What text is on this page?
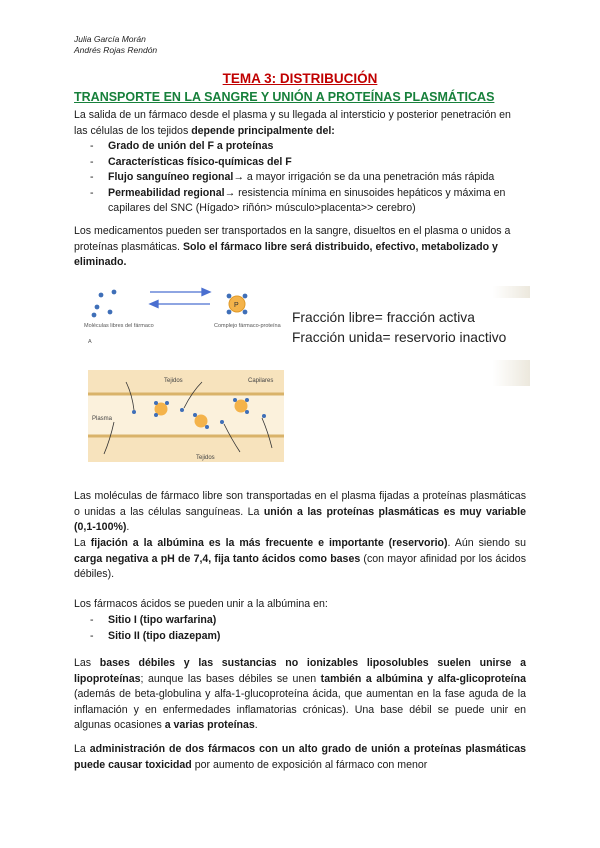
Julia García Morán
Andrés Rojas Rendón
TEMA 3: DISTRIBUCIÓN
TRANSPORTE EN LA SANGRE Y UNIÓN A PROTEÍNAS PLASMÁTICAS
La salida de un fármaco desde el plasma y su llegada al intersticio y posterior penetración en las células de los tejidos depende principalmente del:
- Grado de unión del F a proteínas
- Características físico-químicas del F
- Flujo sanguíneo regional→ a mayor irrigación se da una penetración más rápida
- Permeabilidad regional→ resistencia mínima en sinusoides hepáticos y máxima en capilares del SNC (Hígado> riñón> músculo>placenta>> cerebro)
Los medicamentos pueden ser transportados en la sangre, disueltos en el plasma o unidos a proteínas plasmáticas. Solo el fármaco libre será distribuido, efectivo, metabolizado y eliminado.
Moléculas libres del fármaco
A
P
Complejo fármaco-proteína
Tejidos	Capilares
Plasma
Tejidos
Fracción libre= fracción activa
Fracción unida= reservorio inactivo
Las moléculas de fármaco libre son transportadas en el plasma fijadas a proteínas plasmáticas o unidas a las células sanguíneas. La unión a las proteínas plasmáticas es muy variable (0,1-100%).
La fijación a la albúmina es la más frecuente e importante (reservorio). Aún siendo su carga negativa a pH de 7,4, fija tanto ácidos como bases (con mayor afinidad por los ácidos débiles).
Los fármacos ácidos se pueden unir a la albúmina en:
- Sitio I (tipo warfarina)
- Sitio II (tipo diazepam)
Las bases débiles y las sustancias no ionizables liposolubles suelen unirse a lipoproteínas; aunque las bases débiles se unen también a albúmina y alfa-glicoproteína (además de beta-globulina y alfa-1-glucoproteína ácida, que aumentan en la fase aguda de la inflamación y en enfermedades inflamatorias crónicas). Una base débil se puede unir en algunas ocasiones a varias proteínas.
La administración de dos fármacos con un alto grado de unión a proteínas plasmáticas puede causar toxicidad por aumento de exposición al fármaco con menor
